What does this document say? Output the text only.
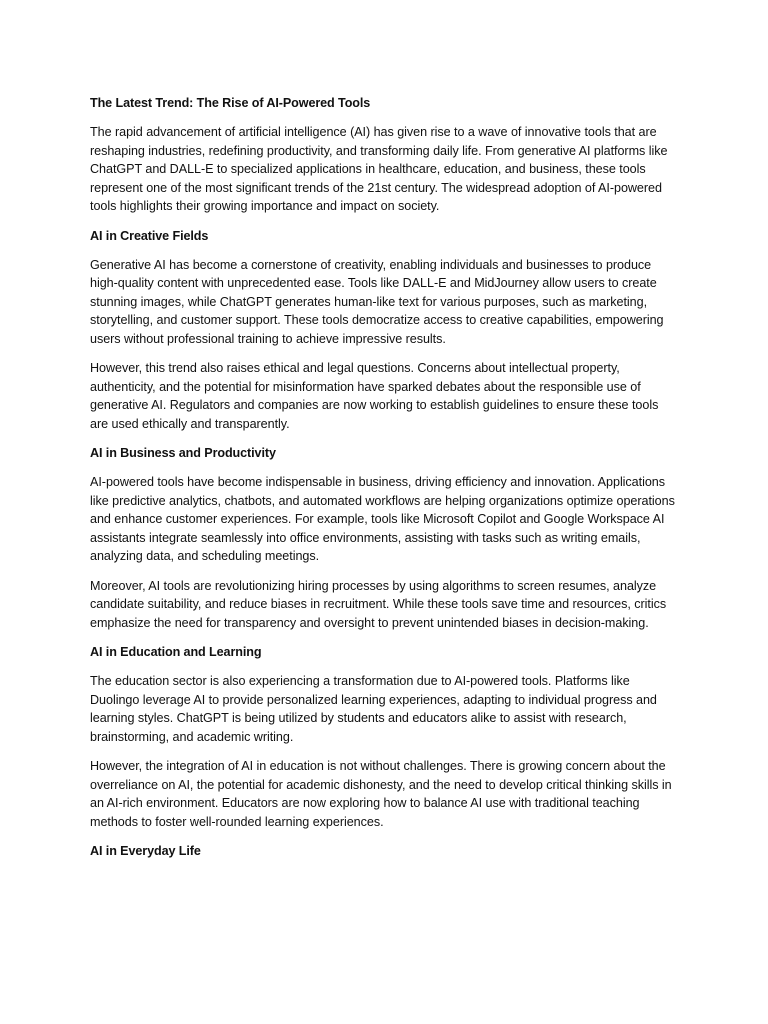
The Latest Trend: The Rise of AI-Powered Tools

The rapid advancement of artificial intelligence (AI) has given rise to a wave of innovative tools that are reshaping industries, redefining productivity, and transforming daily life. From generative AI platforms like ChatGPT and DALL-E to specialized applications in healthcare, education, and business, these tools represent one of the most significant trends of the 21st century. The widespread adoption of AI-powered tools highlights their growing importance and impact on society.

AI in Creative Fields

Generative AI has become a cornerstone of creativity, enabling individuals and businesses to produce high-quality content with unprecedented ease. Tools like DALL-E and MidJourney allow users to create stunning images, while ChatGPT generates human-like text for various purposes, such as marketing, storytelling, and customer support. These tools democratize access to creative capabilities, empowering users without professional training to achieve impressive results.

However, this trend also raises ethical and legal questions. Concerns about intellectual property, authenticity, and the potential for misinformation have sparked debates about the responsible use of generative AI. Regulators and companies are now working to establish guidelines to ensure these tools are used ethically and transparently.

AI in Business and Productivity

AI-powered tools have become indispensable in business, driving efficiency and innovation. Applications like predictive analytics, chatbots, and automated workflows are helping organizations optimize operations and enhance customer experiences. For example, tools like Microsoft Copilot and Google Workspace AI assistants integrate seamlessly into office environments, assisting with tasks such as writing emails, analyzing data, and scheduling meetings.

Moreover, AI tools are revolutionizing hiring processes by using algorithms to screen resumes, analyze candidate suitability, and reduce biases in recruitment. While these tools save time and resources, critics emphasize the need for transparency and oversight to prevent unintended biases in decision-making.

AI in Education and Learning

The education sector is also experiencing a transformation due to AI-powered tools. Platforms like Duolingo leverage AI to provide personalized learning experiences, adapting to individual progress and learning styles. ChatGPT is being utilized by students and educators alike to assist with research, brainstorming, and academic writing.

However, the integration of AI in education is not without challenges. There is growing concern about the overreliance on AI, the potential for academic dishonesty, and the need to develop critical thinking skills in an AI-rich environment. Educators are now exploring how to balance AI use with traditional teaching methods to foster well-rounded learning experiences.

AI in Everyday Life
